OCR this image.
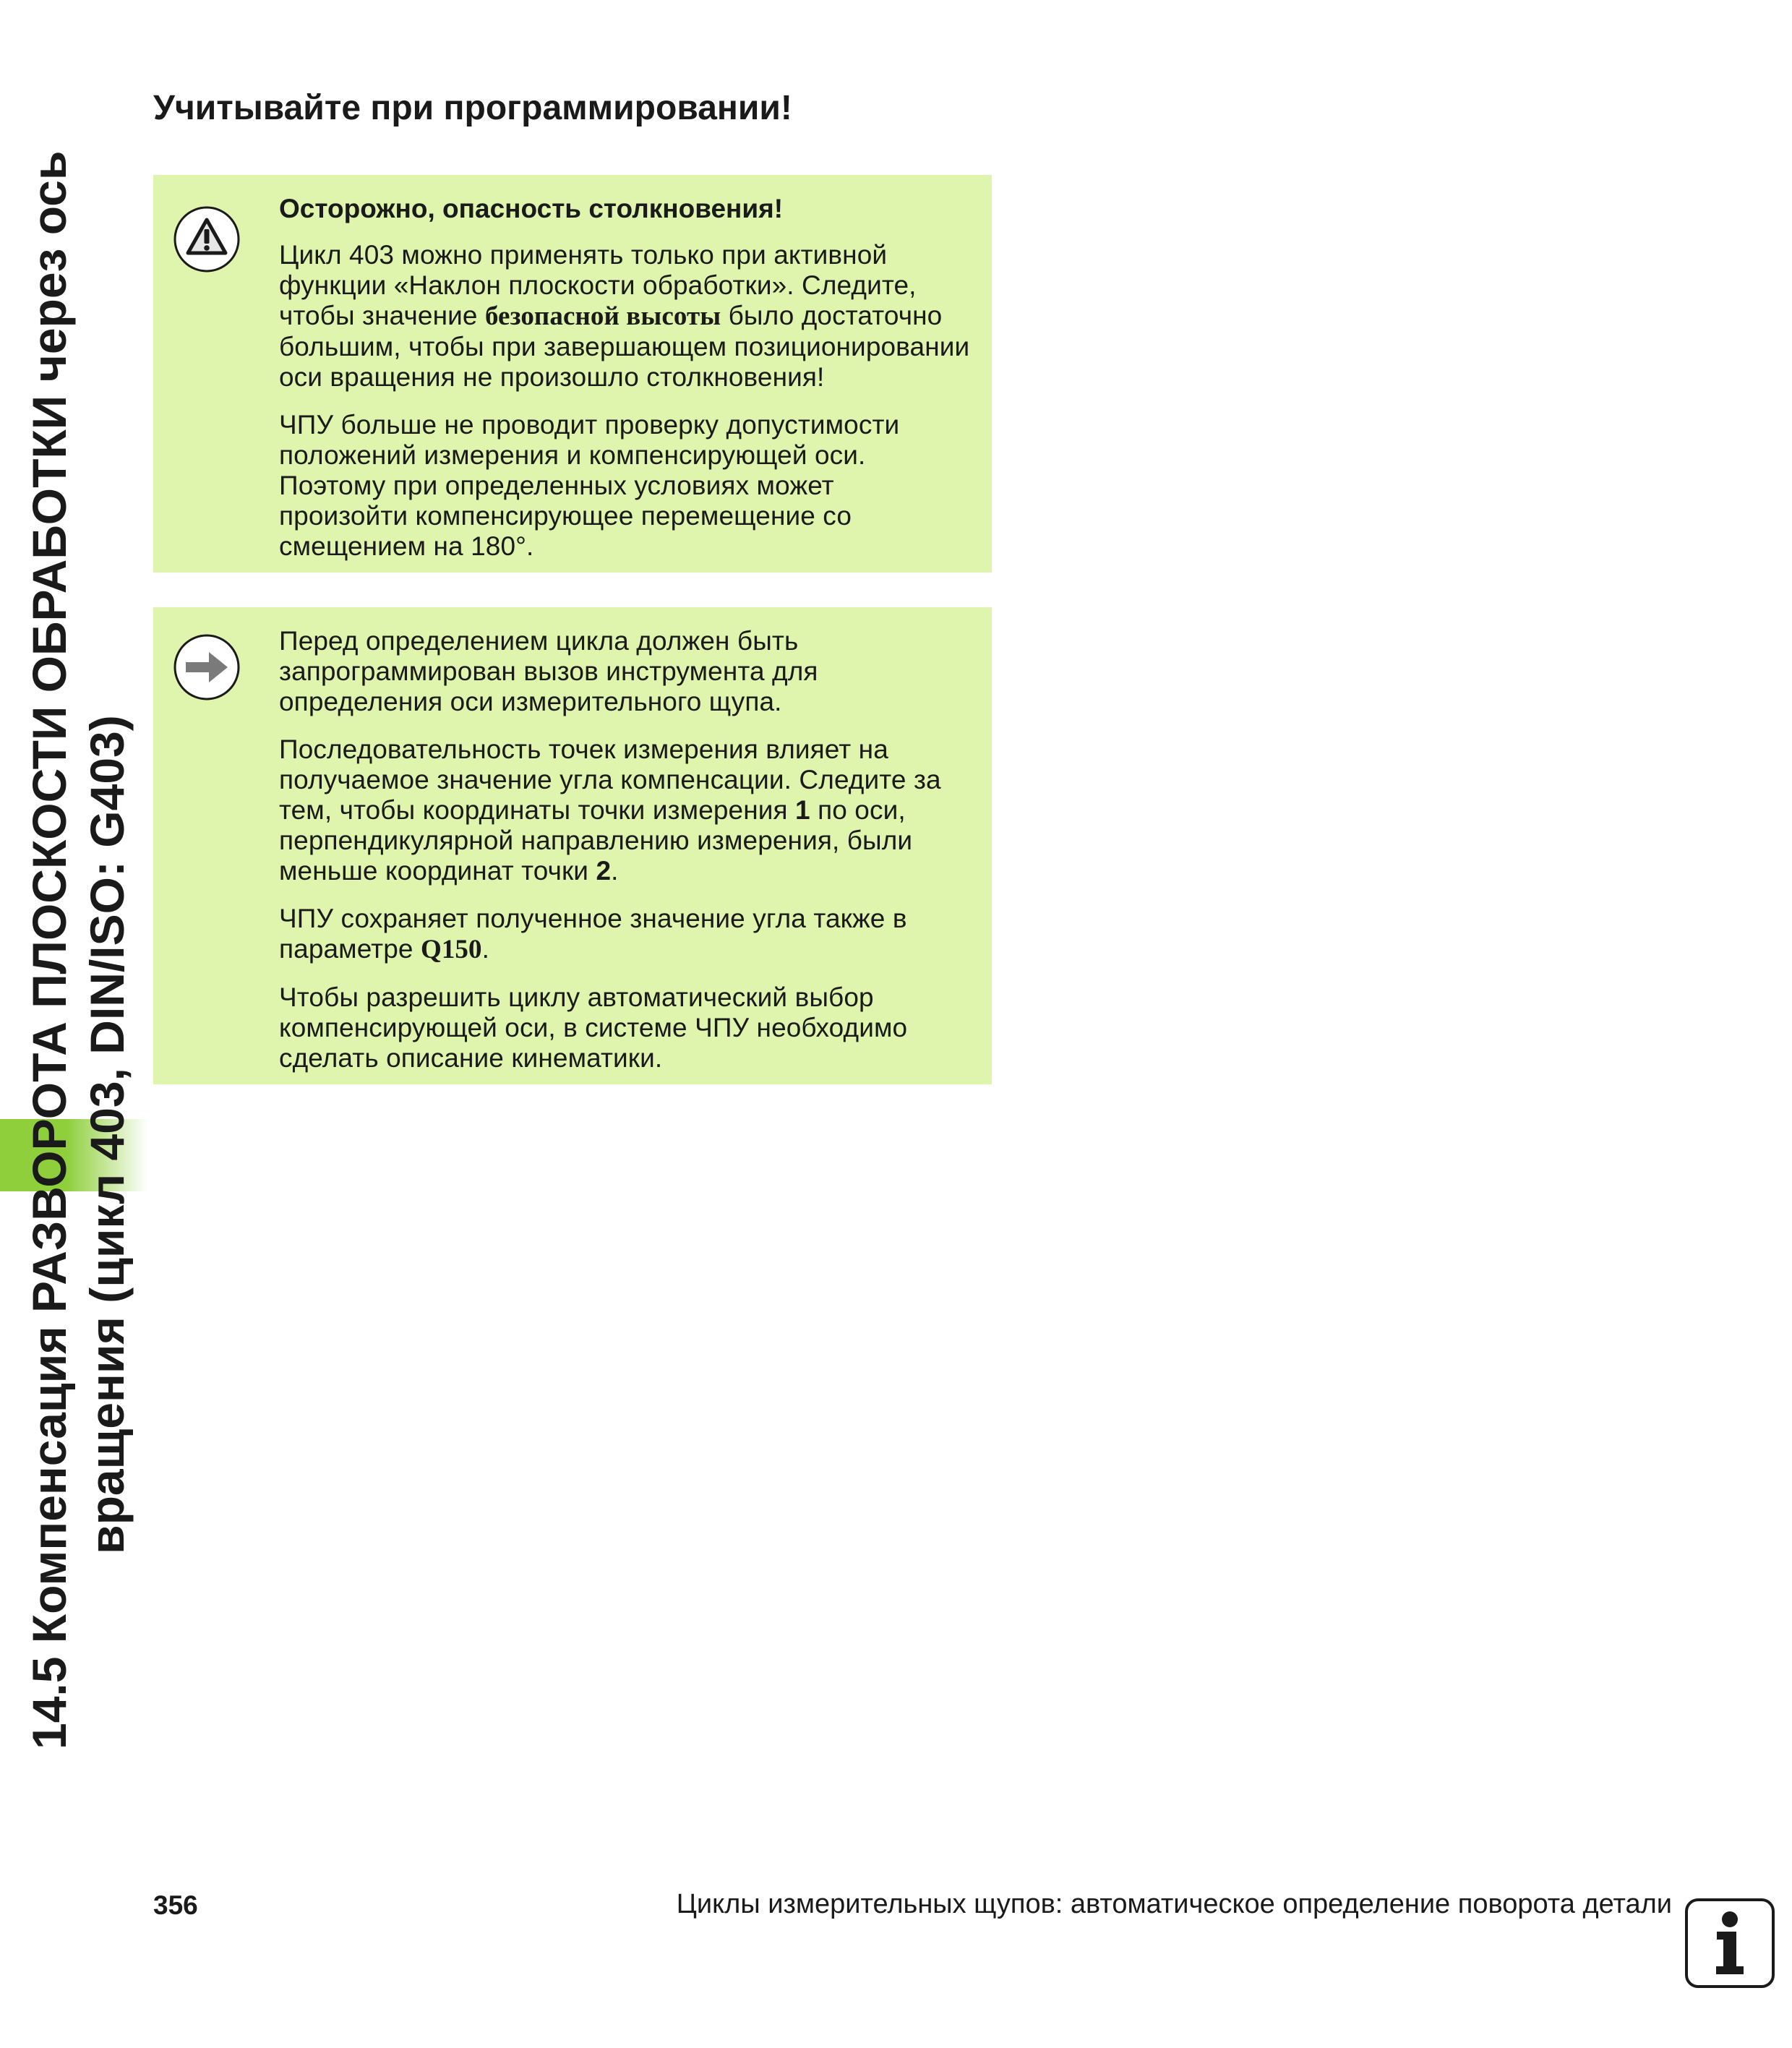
14.5 Компенсация РАЗВОРОТА ПЛОСКОСТИ ОБРАБОТКИ через ось вращения (цикл 403, DIN/ISO: G403)
Учитывайте при программировании!

Осторожно, опасность столкновения!

Цикл 403 можно применять только при активной функции «Наклон плоскости обработки». Следите, чтобы значение безопасной высоты было достаточно большим, чтобы при завершающем позиционировании оси вращения не произошло столкновения!

ЧПУ больше не проводит проверку допустимости положений измерения и компенсирующей оси. Поэтому при определенных условиях может произойти компенсирующее перемещение со смещением на 180°.

Перед определением цикла должен быть запрограммирован вызов инструмента для определения оси измерительного щупа.

Последовательность точек измерения влияет на получаемое значение угла компенсации. Следите за тем, чтобы координаты точки измерения 1 по оси, перпендикулярной направлению измерения, были меньше координат точки 2.

ЧПУ сохраняет полученное значение угла также в параметре Q150.

Чтобы разрешить циклу автоматический выбор компенсирующей оси, в системе ЧПУ необходимо сделать описание кинематики.

356	Циклы измерительных щупов: автоматическое определение поворота детали
